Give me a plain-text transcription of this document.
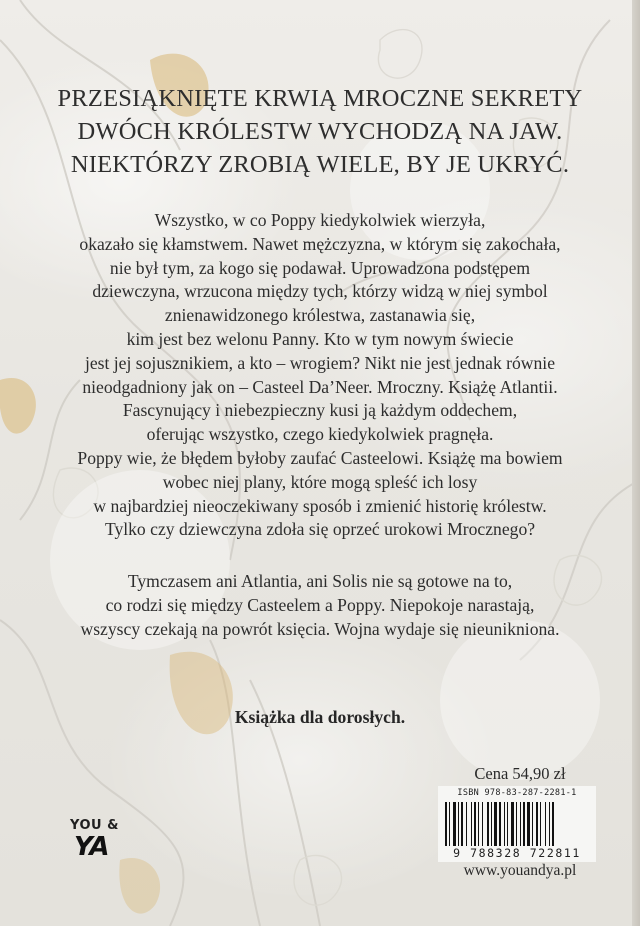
PRZESIĄKNIĘTE KRWIĄ MROCZNE SEKRETY
DWÓCH KRÓLESTW WYCHODZĄ NA JAW.
NIEKTÓRZY ZROBIĄ WIELE, BY JE UKRYĆ.
Wszystko, w co Poppy kiedykolwiek wierzyła,
okazało się kłamstwem. Nawet mężczyzna, w którym się zakochała,
nie był tym, za kogo się podawał. Uprowadzona podstępem
dziewczyna, wrzucona między tych, którzy widzą w niej symbol
znienawidzonego królestwa, zastanawia się,
kim jest bez welonu Panny. Kto w tym nowym świecie
jest jej sojusznikiem, a kto – wrogiem? Nikt nie jest jednak równie
nieodgadniony jak on – Casteel Da’Neer. Mroczny. Książę Atlantii.
Fascynujący i niebezpieczny kusi ją każdym oddechem,
oferując wszystko, czego kiedykolwiek pragnęła.
Poppy wie, że błędem byłoby zaufać Casteelowi. Książę ma bowiem
wobec niej plany, które mogą spleść ich losy
w najbardziej nieoczekiwany sposób i zmienić historię królestw.
Tylko czy dziewczyna zdoła się oprzeć urokowi Mrocznego?
Tymczasem ani Atlantia, ani Solis nie są gotowe na to,
co rodzi się między Casteelem a Poppy. Niepokoje narastają,
wszyscy czekają na powrót księcia. Wojna wydaje się nieunikniona.
Książka dla dorosłych.
Cena 54,90 zł
ISBN 978-83-287-2281-1
9 788328 722811
www.youandya.pl
YOU &
YA
